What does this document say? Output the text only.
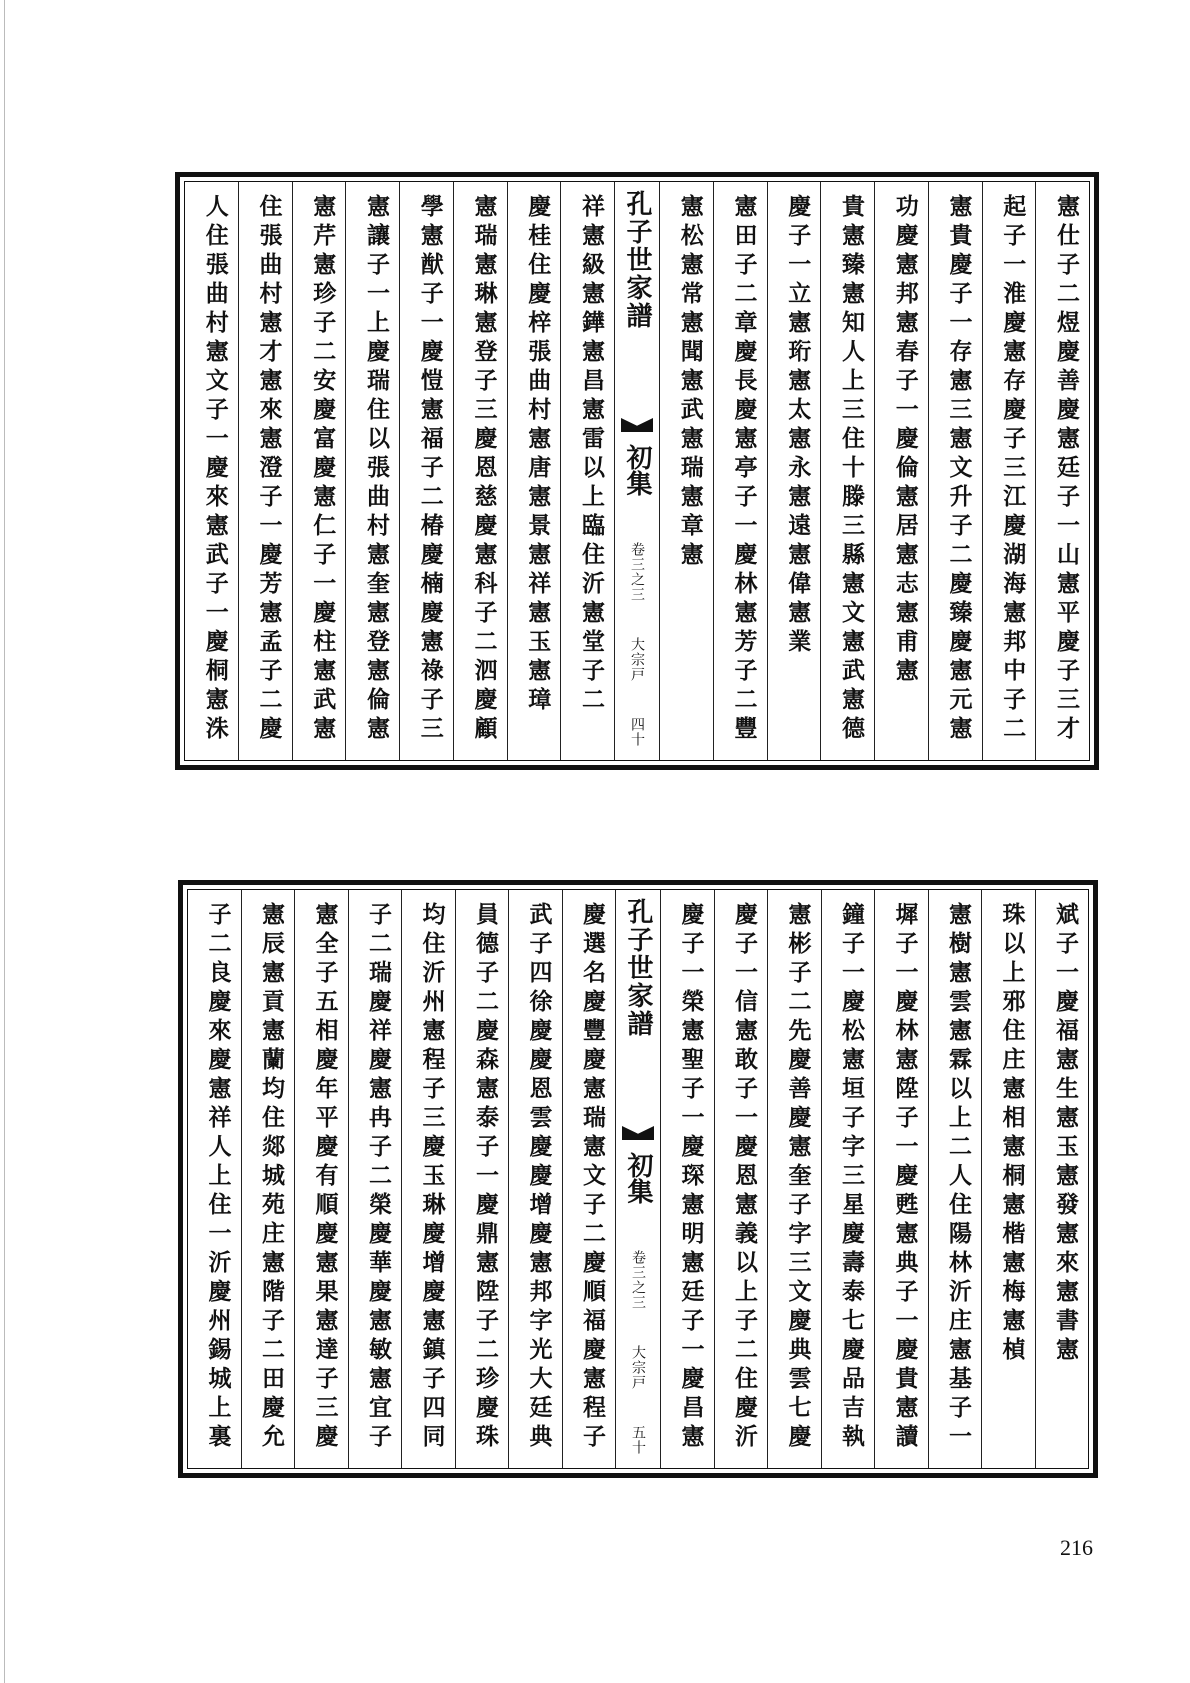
憲仕子二煜慶善慶憲廷子一山憲平慶子三才
起子一淮慶憲存慶子三江慶湖海憲邦中子二
憲貴慶子一存憲三憲文升子二慶臻慶憲元憲
功慶憲邦憲春子一慶倫憲居憲志憲甫憲
貴憲臻憲知人上三住十滕三縣憲文憲武憲德
慶子一立憲珩憲太憲永憲遠憲偉憲業
憲田子二章慶長慶憲亭子一慶林憲芳子二豐
憲松憲常憲聞憲武憲瑞憲章憲
孔子世家譜
初集
卷三之三
大宗戸
四十
祥憲級憲鏵憲昌憲雷以上臨住沂憲堂子二
慶桂住慶梓張曲村憲唐憲景憲祥憲玉憲璋
憲瑞憲琳憲登子三慶恩慈慶憲科子二泗慶顧
學憲猷子一慶愷憲福子二椿慶楠慶憲祿子三
憲讓子一上慶瑞住以張曲村憲奎憲登憲倫憲
憲芹憲珍子二安慶富慶憲仁子一慶柱憲武憲
住張曲村憲才憲來憲澄子一慶芳憲孟子二慶
人住張曲村憲文子一慶來憲武子一慶桐憲洙
斌子一慶福憲生憲玉憲發憲來憲書憲
珠以上邪住庄憲相憲桐憲楷憲梅憲楨
憲樹憲雲憲霖以上二人住陽林沂庄憲基子一
墀子一慶林憲陞子一慶甦憲典子一慶貴憲讀
鐘子一慶松憲垣子字三星慶壽泰七慶品吉執
憲彬子二先慶善慶憲奎子字三文慶典雲七慶
慶子一信憲敢子一慶恩憲義以上子二住慶沂
慶子一榮憲聖子一慶琛憲明憲廷子一慶昌憲
孔子世家譜
初集
卷三之三
大宗戸
五十
慶選名慶豐慶憲瑞憲文子二慶順福慶憲程子
武子四徐慶慶恩雲慶慶增慶憲邦字光大廷典
員德子二慶森憲泰子一慶鼎憲陞子二珍慶珠
均住沂州憲程子三慶玉琳慶增慶憲鎮子四同
子二瑞慶祥慶憲冉子二榮慶華慶憲敏憲宜子
憲全子五相慶年平慶有順慶憲果憲達子三慶
憲辰憲貢憲蘭均住郯城苑庄憲階子二田慶允
子二良慶來慶憲祥人上住一沂慶州錫城上裏
216
